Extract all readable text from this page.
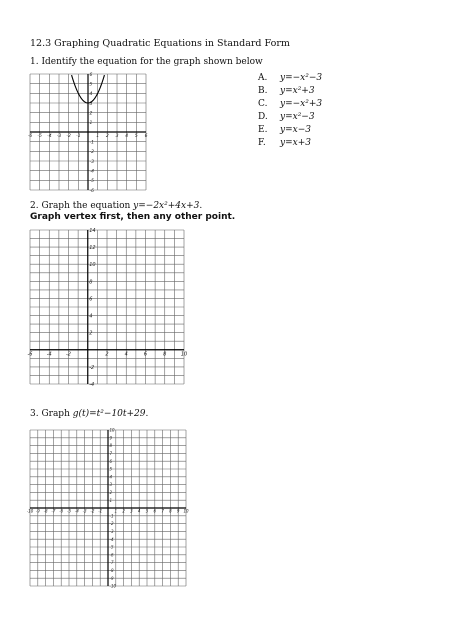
12.3 Graphing Quadratic Equations in Standard Form
1. Identify the equation for the graph shown below
-6 -5 -4 -3 -2 -1	1 2 3 4 5 6
-6
-5
-4
-3
-2
-1
1
2
3
4
5
6	A. y=−x²−3
B. y=x²+3
C. y=−x²+3
D. y=x²−3
E. y=x−3
F. y=x+3
2. Graph the equation y=−2x²+4x+3.
Graph vertex first, then any other point.
-6	-4	-2	2	4	6	8	10
-4
-2
2
4
6
8
10
12
14
3. Graph g(t)=t²−10t+29.
-10 -9 -8 -7 -6 -5 -4 -3 -2 -1	1 2 3 4 5 6 7 8 9 10
-10
-9
-8
-7
-6
-5
-4
-3
-2
-1
1
2
3
4
5
6
7
8
9
10
